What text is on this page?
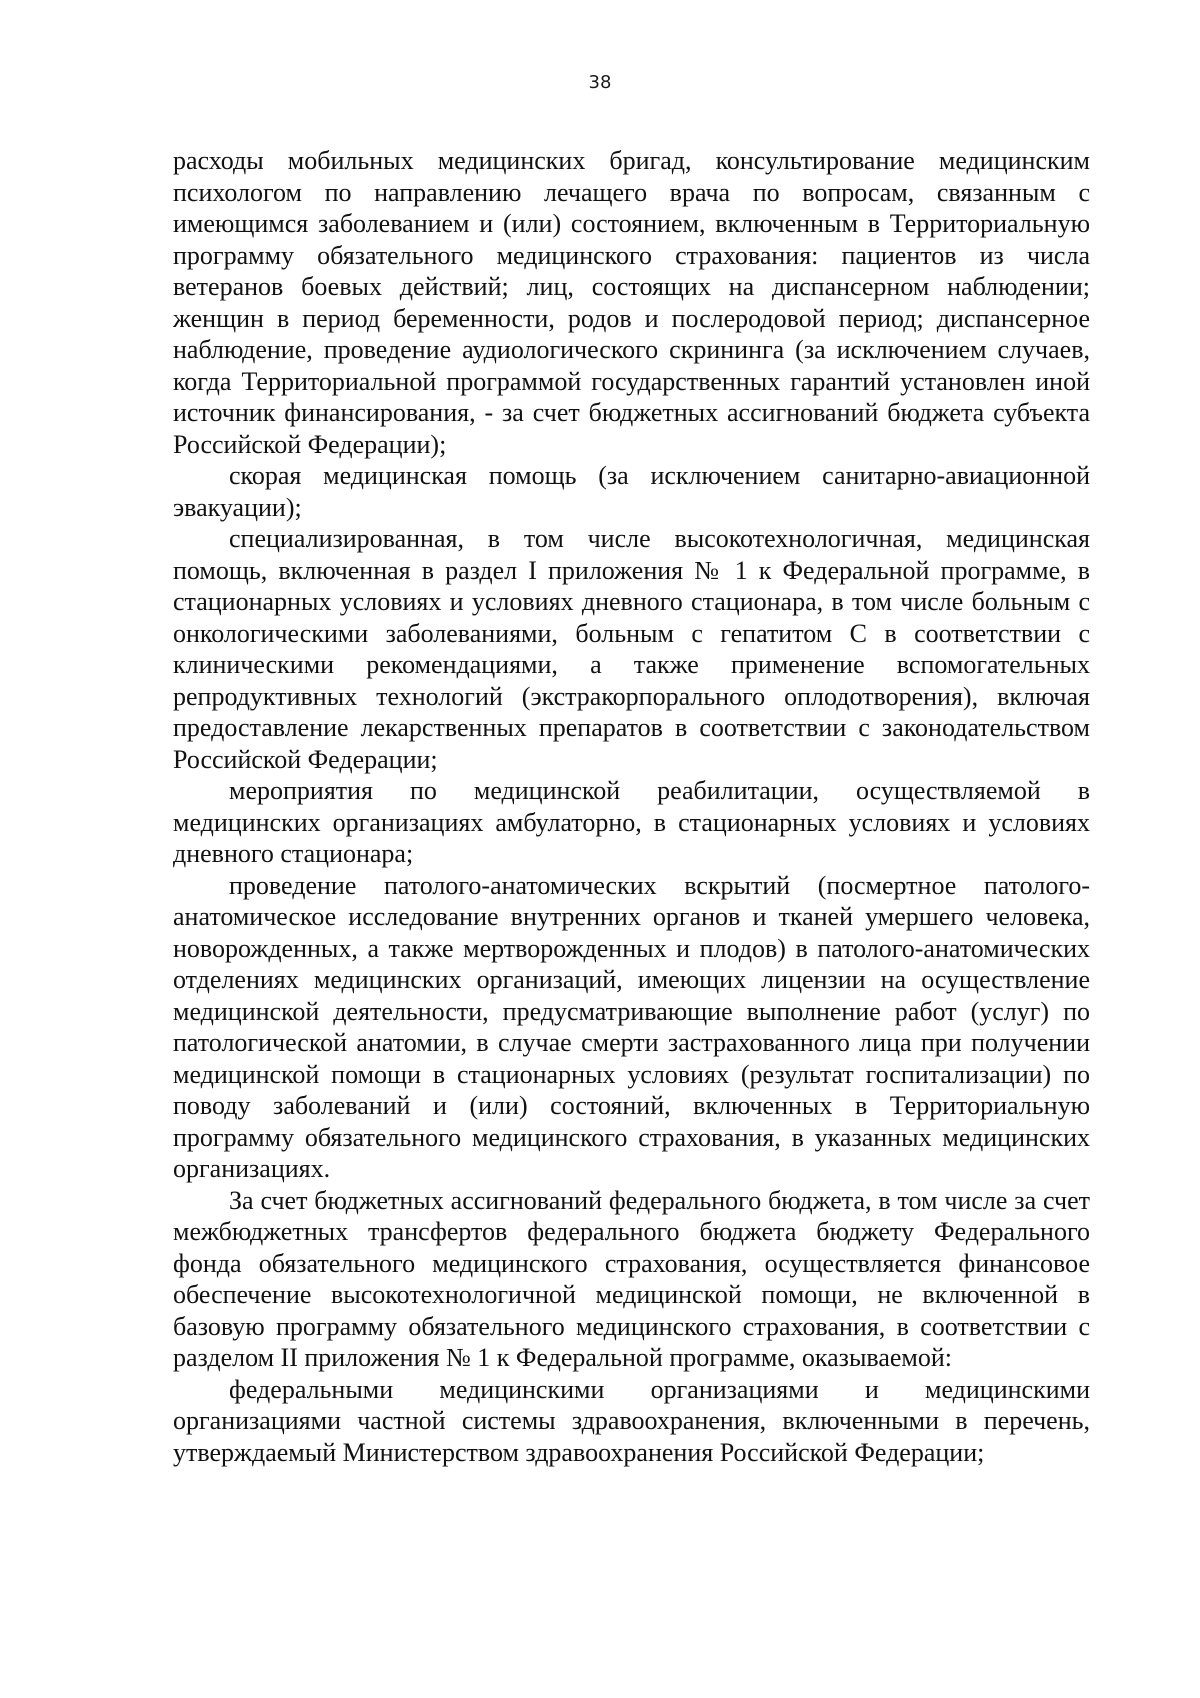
38

расходы мобильных медицинских бригад, консультирование медицинским психологом по направлению лечащего врача по вопросам, связанным с имеющимся заболеванием и (или) состоянием, включенным в Территориальную программу обязательного медицинского страхования: пациентов из числа ветеранов боевых действий; лиц, состоящих на диспансерном наблюдении; женщин в период беременности, родов и послеродовой период; диспансерное наблюдение, проведение аудиологического скрининга (за исключением случаев, когда Территориальной программой государственных гарантий установлен иной источник финансирования, - за счет бюджетных ассигнований бюджета субъекта Российской Федерации);

скорая медицинская помощь (за исключением санитарно-авиационной эвакуации);

специализированная, в том числе высокотехнологичная, медицинская помощь, включенная в раздел I приложения № 1 к Федеральной программе, в стационарных условиях и условиях дневного стационара, в том числе больным с онкологическими заболеваниями, больным с гепатитом С в соответствии с клиническими рекомендациями, а также применение вспомогательных репродуктивных технологий (экстракорпорального оплодотворения), включая предоставление лекарственных препаратов в соответствии с законодательством Российской Федерации;

мероприятия по медицинской реабилитации, осуществляемой в медицинских организациях амбулаторно, в стационарных условиях и условиях дневного стационара;

проведение патолого-анатомических вскрытий (посмертное патолого-анатомическое исследование внутренних органов и тканей умершего человека, новорожденных, а также мертворожденных и плодов) в патолого-анатомических отделениях медицинских организаций, имеющих лицензии на осуществление медицинской деятельности, предусматривающие выполнение работ (услуг) по патологической анатомии, в случае смерти застрахованного лица при получении медицинской помощи в стационарных условиях (результат госпитализации) по поводу заболеваний и (или) состояний, включенных в Территориальную программу обязательного медицинского страхования, в указанных медицинских организациях.

За счет бюджетных ассигнований федерального бюджета, в том числе за счет межбюджетных трансфертов федерального бюджета бюджету Федерального фонда обязательного медицинского страхования, осуществляется финансовое обеспечение высокотехнологичной медицинской помощи, не включенной в базовую программу обязательного медицинского страхования, в соответствии с разделом II приложения № 1 к Федеральной программе, оказываемой:

федеральными медицинскими организациями и медицинскими организациями частной системы здравоохранения, включенными в перечень, утверждаемый Министерством здравоохранения Российской Федерации;
